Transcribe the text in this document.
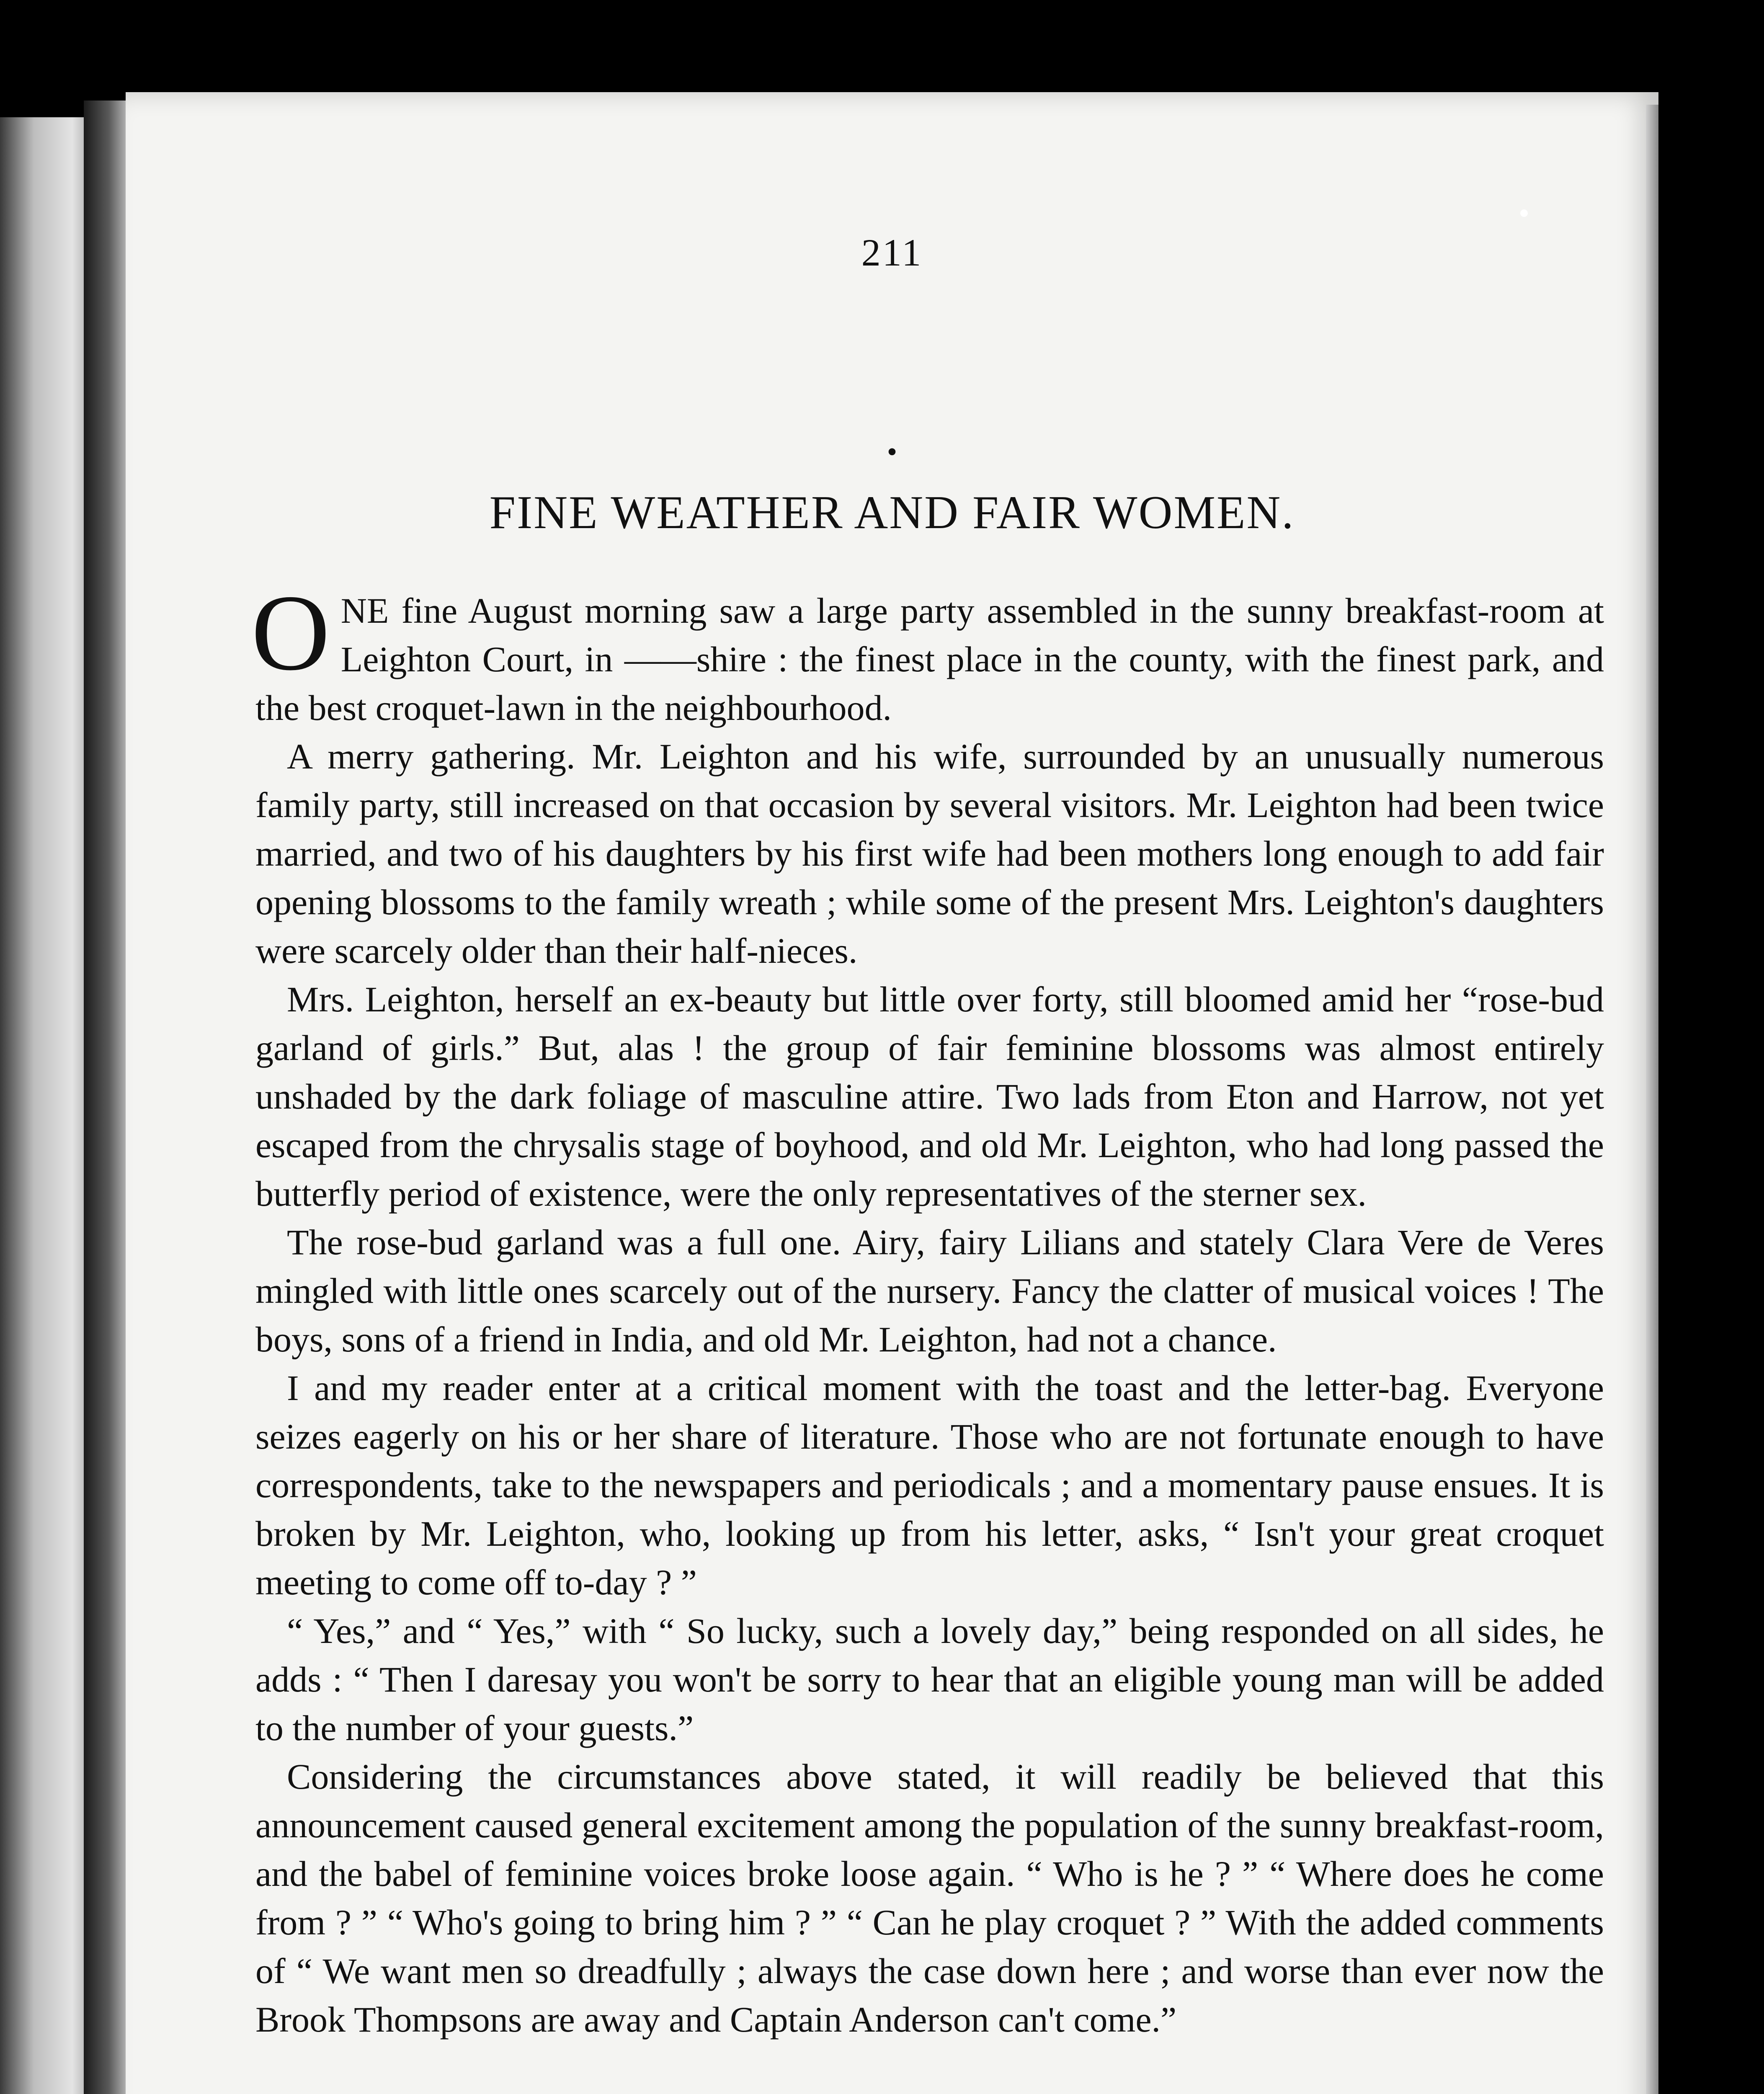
211
•
FINE WEATHER AND FAIR WOMEN.

ONE fine August morning saw a large party assembled in the sunny breakfast-room at Leighton Court, in ——shire : the finest place in the county, with the finest park, and the best croquet-lawn in the neighbourhood.

A merry gathering. Mr. Leighton and his wife, surrounded by an unusually numerous family party, still increased on that occasion by several visitors. Mr. Leighton had been twice married, and two of his daughters by his first wife had been mothers long enough to add fair opening blossoms to the family wreath ; while some of the present Mrs. Leighton's daughters were scarcely older than their half-nieces.

Mrs. Leighton, herself an ex-beauty but little over forty, still bloomed amid her “rose-bud garland of girls.” But, alas ! the group of fair feminine blossoms was almost entirely unshaded by the dark foliage of masculine attire. Two lads from Eton and Harrow, not yet escaped from the chrysalis stage of boyhood, and old Mr. Leighton, who had long passed the butterfly period of existence, were the only representatives of the sterner sex.

The rose-bud garland was a full one. Airy, fairy Lilians and stately Clara Vere de Veres mingled with little ones scarcely out of the nursery. Fancy the clatter of musical voices ! The boys, sons of a friend in India, and old Mr. Leighton, had not a chance.

I and my reader enter at a critical moment with the toast and the letter-bag. Everyone seizes eagerly on his or her share of literature. Those who are not fortunate enough to have correspondents, take to the newspapers and periodicals ; and a momentary pause ensues. It is broken by Mr. Leighton, who, looking up from his letter, asks, “ Isn't your great croquet meeting to come off to-day ? ”

“ Yes,” and “ Yes,” with “ So lucky, such a lovely day,” being responded on all sides, he adds : “ Then I daresay you won't be sorry to hear that an eligible young man will be added to the number of your guests.”

Considering the circumstances above stated, it will readily be believed that this announcement caused general excitement among the population of the sunny breakfast-room, and the babel of feminine voices broke loose again. “ Who is he ? ” “ Where does he come from ? ” “ Who's going to bring him ? ” “ Can he play croquet ? ” With the added comments of “ We want men so dreadfully ; always the case down here ; and worse than ever now the Brook Thompsons are away and Captain Anderson can't come.”
